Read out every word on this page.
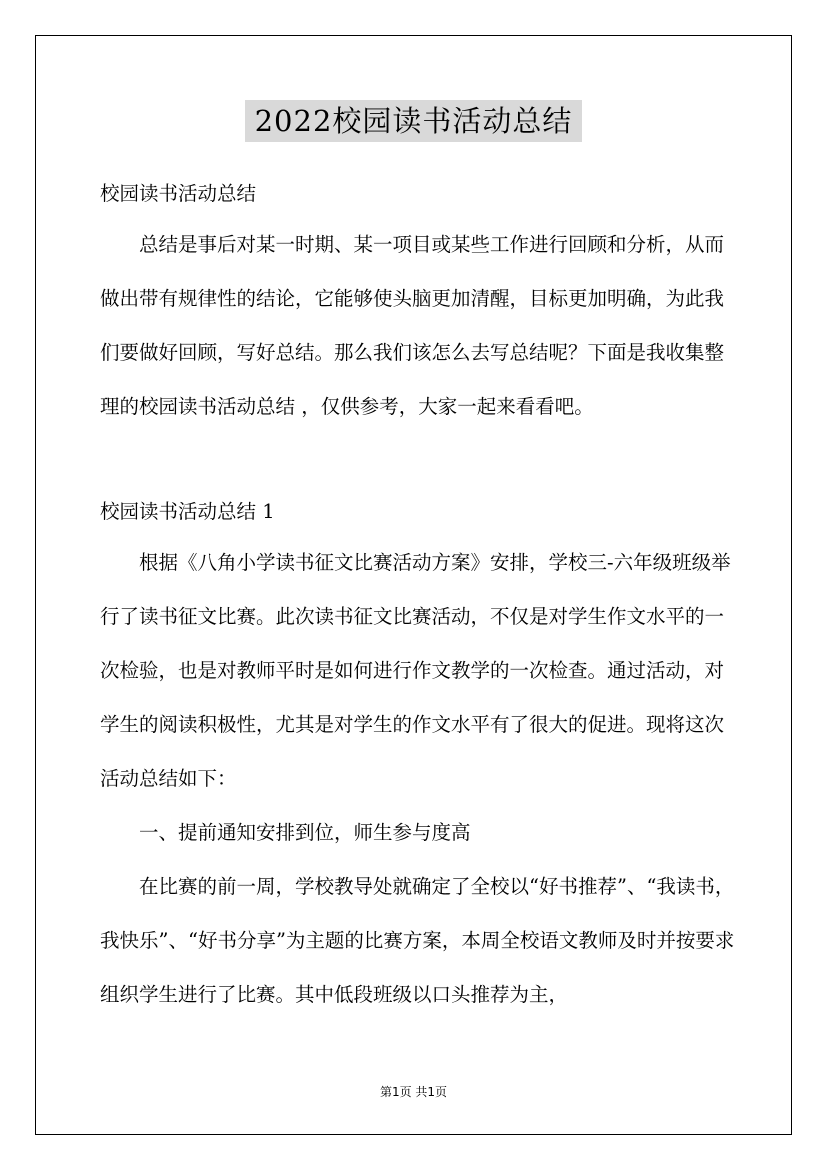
2022校园读书活动总结
校园读书活动总结

总结是事后对某一时期、某一项目或某些工作进行回顾和分析，从而做出带有规律性的结论，它能够使头脑更加清醒，目标更加明确，为此我们要做好回顾，写好总结。那么我们该怎么去写总结呢？下面是我收集整理的校园读书活动总结 ，仅供参考，大家一起来看看吧。

校园读书活动总结 1

根据《八角小学读书征文比赛活动方案》安排，学校三-六年级班级举行了读书征文比赛。此次读书征文比赛活动，不仅是对学生作文水平的一次检验，也是对教师平时是如何进行作文教学的一次检查。通过活动，对学生的阅读积极性，尤其是对学生的作文水平有了很大的促进。现将这次活动总结如下：

一、提前通知安排到位，师生参与度高

在比赛的前一周，学校教导处就确定了全校以“好书推荐”、“我读书，我快乐”、“好书分享”为主题的比赛方案，本周全校语文教师及时并按要求组织学生进行了比赛。其中低段班级以口头推荐为主，

第1页 共1页
